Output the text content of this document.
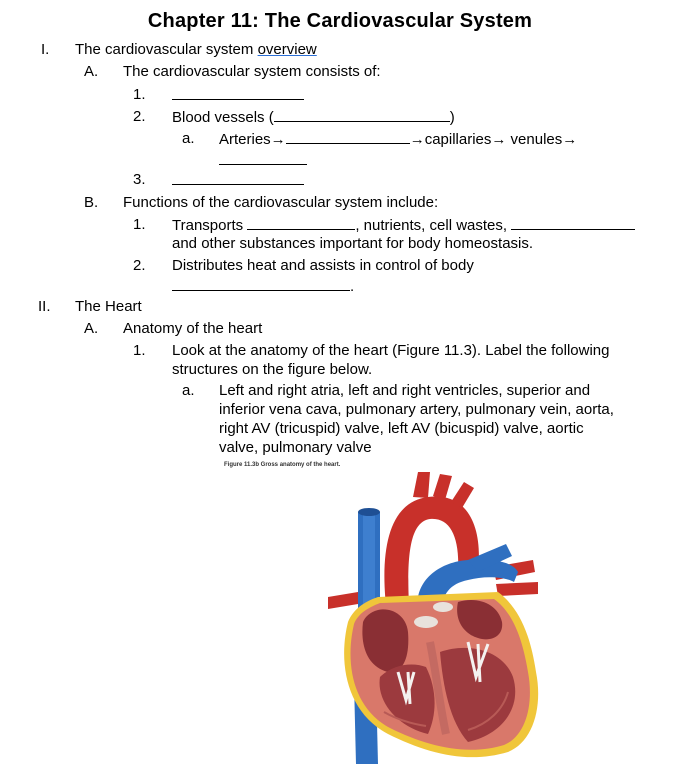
Chapter 11: The Cardiovascular System
I. The cardiovascular system overview
A. The cardiovascular system consists of:
1.
2. Blood vessels (	)
a. Arteries→	→capillaries→ venules→
3.
B. Functions of the cardiovascular system include:
1. Transports	, nutrients, cell wastes,
and other substances important for body homeostasis.
2. Distributes heat and assists in control of body
.
II. The Heart
A. Anatomy of the heart
1. Look at the anatomy of the heart (Figure 11.3). Label the following
structures on the figure below.
a. Left and right atria, left and right ventricles, superior and
inferior vena cava, pulmonary artery, pulmonary vein, aorta,
right AV (tricuspid) valve, left AV (bicuspid) valve, aortic
valve, pulmonary valve
Figure 11.3b Gross anatomy of the heart.
